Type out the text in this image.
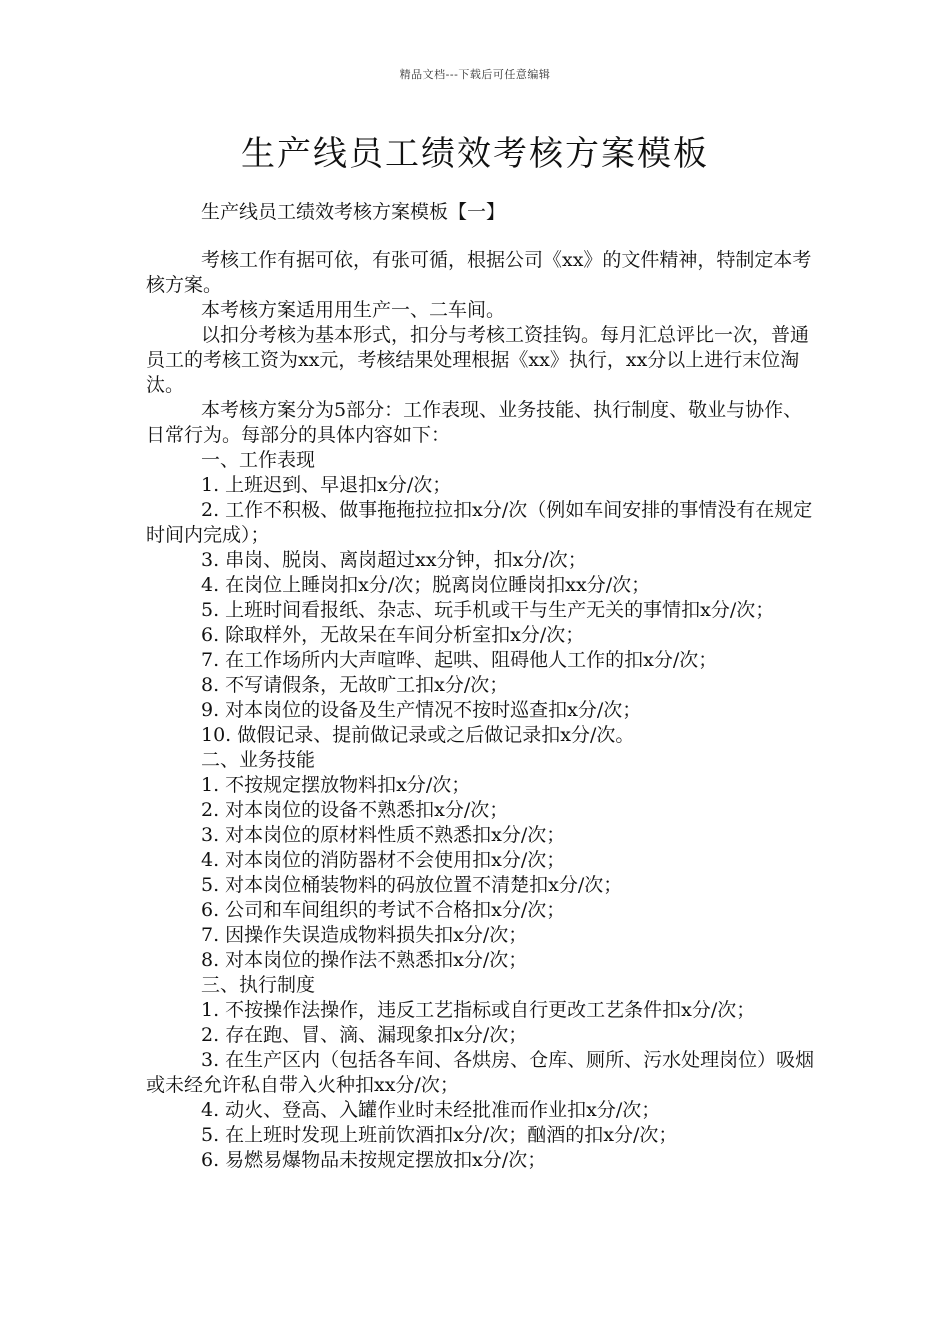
精品文档---下载后可任意编辑
生产线员工绩效考核方案模板
生产线员工绩效考核方案模板【一】

考核工作有据可依，有张可循，根据公司《xx》的文件精神，特制定本考核方案。

本考核方案适用用生产一、二车间。

以扣分考核为基本形式，扣分与考核工资挂钩。每月汇总评比一次，普通员工的考核工资为xx元，考核结果处理根据《xx》执行，xx分以上进行末位淘汰。

本考核方案分为5部分：工作表现、业务技能、执行制度、敬业与协作、日常行为。每部分的具体内容如下：

一、工作表现

1. 上班迟到、早退扣x分/次；

2. 工作不积极、做事拖拖拉拉扣x分/次（例如车间安排的事情没有在规定时间内完成）；

3. 串岗、脱岗、离岗超过xx分钟，扣x分/次；

4. 在岗位上睡岗扣x分/次；脱离岗位睡岗扣xx分/次；

5. 上班时间看报纸、杂志、玩手机或干与生产无关的事情扣x分/次；

6. 除取样外，无故呆在车间分析室扣x分/次；

7. 在工作场所内大声喧哗、起哄、阻碍他人工作的扣x分/次；

8. 不写请假条，无故旷工扣x分/次；

9. 对本岗位的设备及生产情况不按时巡查扣x分/次；

10. 做假记录、提前做记录或之后做记录扣x分/次。

二、业务技能

1. 不按规定摆放物料扣x分/次；

2. 对本岗位的设备不熟悉扣x分/次；

3. 对本岗位的原材料性质不熟悉扣x分/次；

4. 对本岗位的消防器材不会使用扣x分/次；

5. 对本岗位桶装物料的码放位置不清楚扣x分/次；

6. 公司和车间组织的考试不合格扣x分/次；

7. 因操作失误造成物料损失扣x分/次；

8. 对本岗位的操作法不熟悉扣x分/次；

三、执行制度

1. 不按操作法操作，违反工艺指标或自行更改工艺条件扣x分/次；

2. 存在跑、冒、滴、漏现象扣x分/次；

3. 在生产区内（包括各车间、各烘房、仓库、厕所、污水处理岗位）吸烟或未经允许私自带入火种扣xx分/次；

4. 动火、登高、入罐作业时未经批准而作业扣x分/次；

5. 在上班时发现上班前饮酒扣x分/次；酗酒的扣x分/次；

6. 易燃易爆物品未按规定摆放扣x分/次；
